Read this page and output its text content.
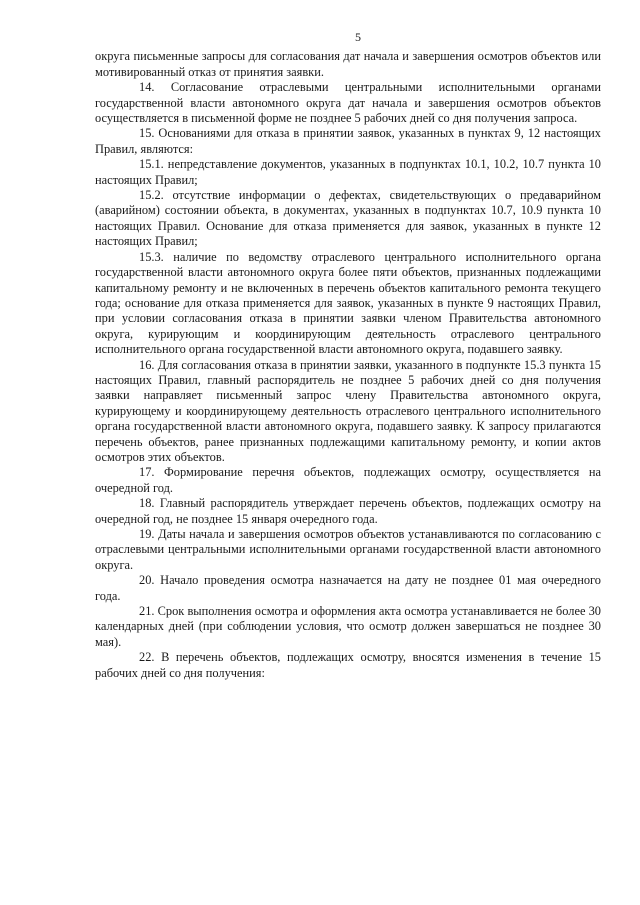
5

округа письменные запросы для согласования дат начала и завершения осмотров объектов или мотивированный отказ от принятия заявки.

14. Согласование отраслевыми центральными исполнительными органами государственной власти автономного округа дат начала и завершения осмотров объектов осуществляется в письменной форме не позднее 5 рабочих дней со дня получения запроса.

15. Основаниями для отказа в принятии заявок, указанных в пунктах 9, 12 настоящих Правил, являются:

15.1. непредставление документов, указанных в подпунктах 10.1, 10.2, 10.7 пункта 10 настоящих Правил;

15.2. отсутствие информации о дефектах, свидетельствующих о предаварийном (аварийном) состоянии объекта, в документах, указанных в подпунктах 10.7, 10.9 пункта 10 настоящих Правил. Основание для отказа применяется для заявок, указанных в пункте 12 настоящих Правил;

15.3. наличие по ведомству отраслевого центрального исполнительного органа государственной власти автономного округа более пяти объектов, признанных подлежащими капитальному ремонту и не включенных в перечень объектов капитального ремонта текущего года; основание для отказа применяется для заявок, указанных в пункте 9 настоящих Правил, при условии согласования отказа в принятии заявки членом Правительства автономного округа, курирующим и координирующим деятельность отраслевого центрального исполнительного органа государственной власти автономного округа, подавшего заявку.

16. Для согласования отказа в принятии заявки, указанного в подпункте 15.3 пункта 15 настоящих Правил, главный распорядитель не позднее 5 рабочих дней со дня получения заявки направляет письменный запрос члену Правительства автономного округа, курирующему и координирующему деятельность отраслевого центрального исполнительного органа государственной власти автономного округа, подавшего заявку. К запросу прилагаются перечень объектов, ранее признанных подлежащими капитальному ремонту, и копии актов осмотров этих объектов.

17. Формирование перечня объектов, подлежащих осмотру, осуществляется на очередной год.

18. Главный распорядитель утверждает перечень объектов, подлежащих осмотру на очередной год, не позднее 15 января очередного года.

19. Даты начала и завершения осмотров объектов устанавливаются по согласованию с отраслевыми центральными исполнительными органами государственной власти автономного округа.

20. Начало проведения осмотра назначается на дату не позднее 01 мая очередного года.

21. Срок выполнения осмотра и оформления акта осмотра устанавливается не более 30 календарных дней (при соблюдении условия, что осмотр должен завершаться не позднее 30 мая).

22. В перечень объектов, подлежащих осмотру, вносятся изменения в течение 15 рабочих дней со дня получения:
